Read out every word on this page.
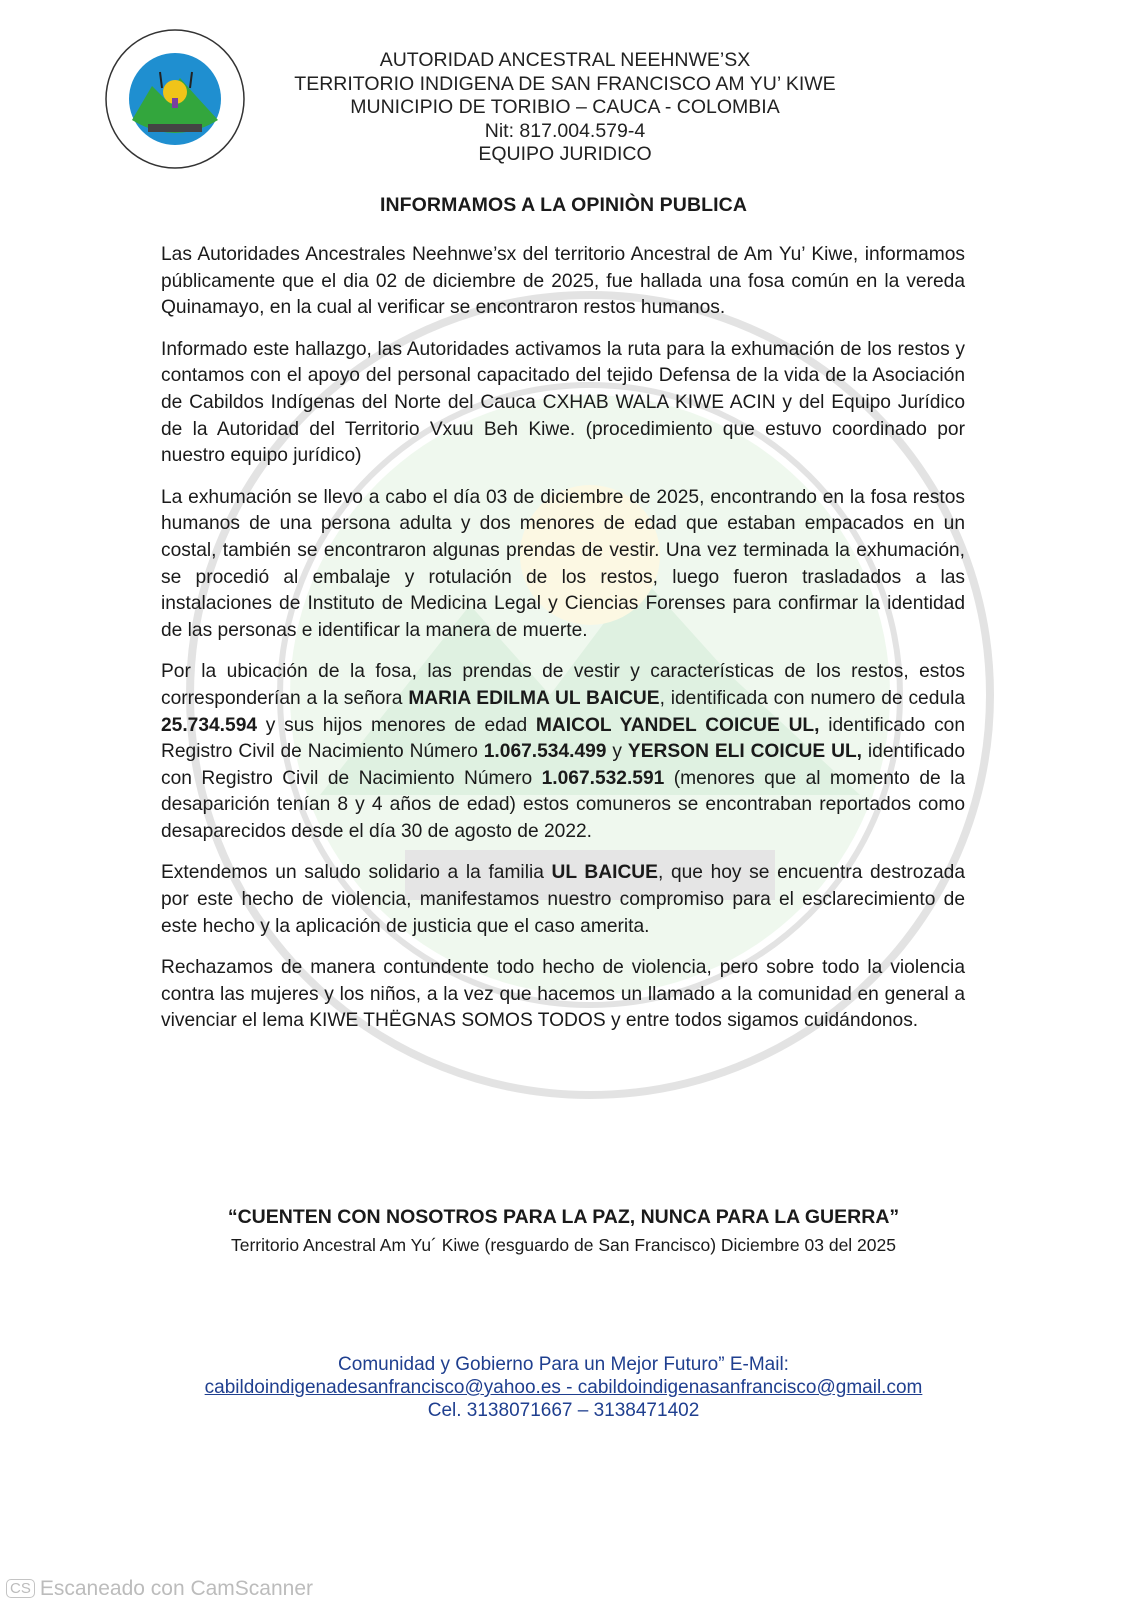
AUTORIDAD ANCESTRAL NEEHNWE’SX
TERRITORIO INDIGENA DE SAN FRANCISCO AM YU’ KIWE
MUNICIPIO DE TORIBIO – CAUCA - COLOMBIA
Nit: 817.004.579-4
EQUIPO JURIDICO
INFORMAMOS A LA OPINIÒN PUBLICA

Las Autoridades Ancestrales Neehnwe’sx del territorio Ancestral de Am Yu’ Kiwe, informamos públicamente que el dia 02 de diciembre de 2025, fue hallada una fosa común en la vereda Quinamayo, en la cual al verificar se encontraron restos humanos.

Informado este hallazgo, las Autoridades activamos la ruta para la exhumación de los restos y contamos con el apoyo del personal capacitado del tejido Defensa de la vida de la Asociación de Cabildos Indígenas del Norte del Cauca CXHAB WALA KIWE ACIN y del Equipo Jurídico de la Autoridad del Territorio Vxuu Beh Kiwe. (procedimiento que estuvo coordinado por nuestro equipo jurídico)

La exhumación se llevo a cabo el día 03 de diciembre de 2025, encontrando en la fosa restos humanos de una persona adulta y dos menores de edad que estaban empacados en un costal, también se encontraron algunas prendas de vestir. Una vez terminada la exhumación, se procedió al embalaje y rotulación de los restos, luego fueron trasladados a las instalaciones de Instituto de Medicina Legal y Ciencias Forenses para confirmar la identidad de las personas e identificar la manera de muerte.

Por la ubicación de la fosa, las prendas de vestir y características de los restos, estos corresponderían a la señora MARIA EDILMA UL BAICUE, identificada con numero de cedula 25.734.594 y sus hijos menores de edad MAICOL YANDEL COICUE UL, identificado con Registro Civil de Nacimiento Número 1.067.534.499 y YERSON ELI COICUE UL, identificado con Registro Civil de Nacimiento Número 1.067.532.591 (menores que al momento de la desaparición tenían 8 y 4 años de edad) estos comuneros se encontraban reportados como desaparecidos desde el día 30 de agosto de 2022.

Extendemos un saludo solidario a la familia UL BAICUE, que hoy se encuentra destrozada por este hecho de violencia, manifestamos nuestro compromiso para el esclarecimiento de este hecho y la aplicación de justicia que el caso amerita.

Rechazamos de manera contundente todo hecho de violencia, pero sobre todo la violencia contra las mujeres y los niños, a la vez que hacemos un llamado a la comunidad en general a vivenciar el lema KIWE THËGNAS SOMOS TODOS y entre todos sigamos cuidándonos.

“CUENTEN CON NOSOTROS PARA LA PAZ, NUNCA PARA LA GUERRA”
Territorio Ancestral Am Yu´ Kiwe (resguardo de San Francisco) Diciembre 03 del 2025
Comunidad y Gobierno Para un Mejor Futuro” E-Mail:
cabildoindigenadesanfrancisco@yahoo.es - cabildoindigenasanfrancisco@gmail.com
Cel. 3138071667 – 3138471402
CS Escaneado con CamScanner
